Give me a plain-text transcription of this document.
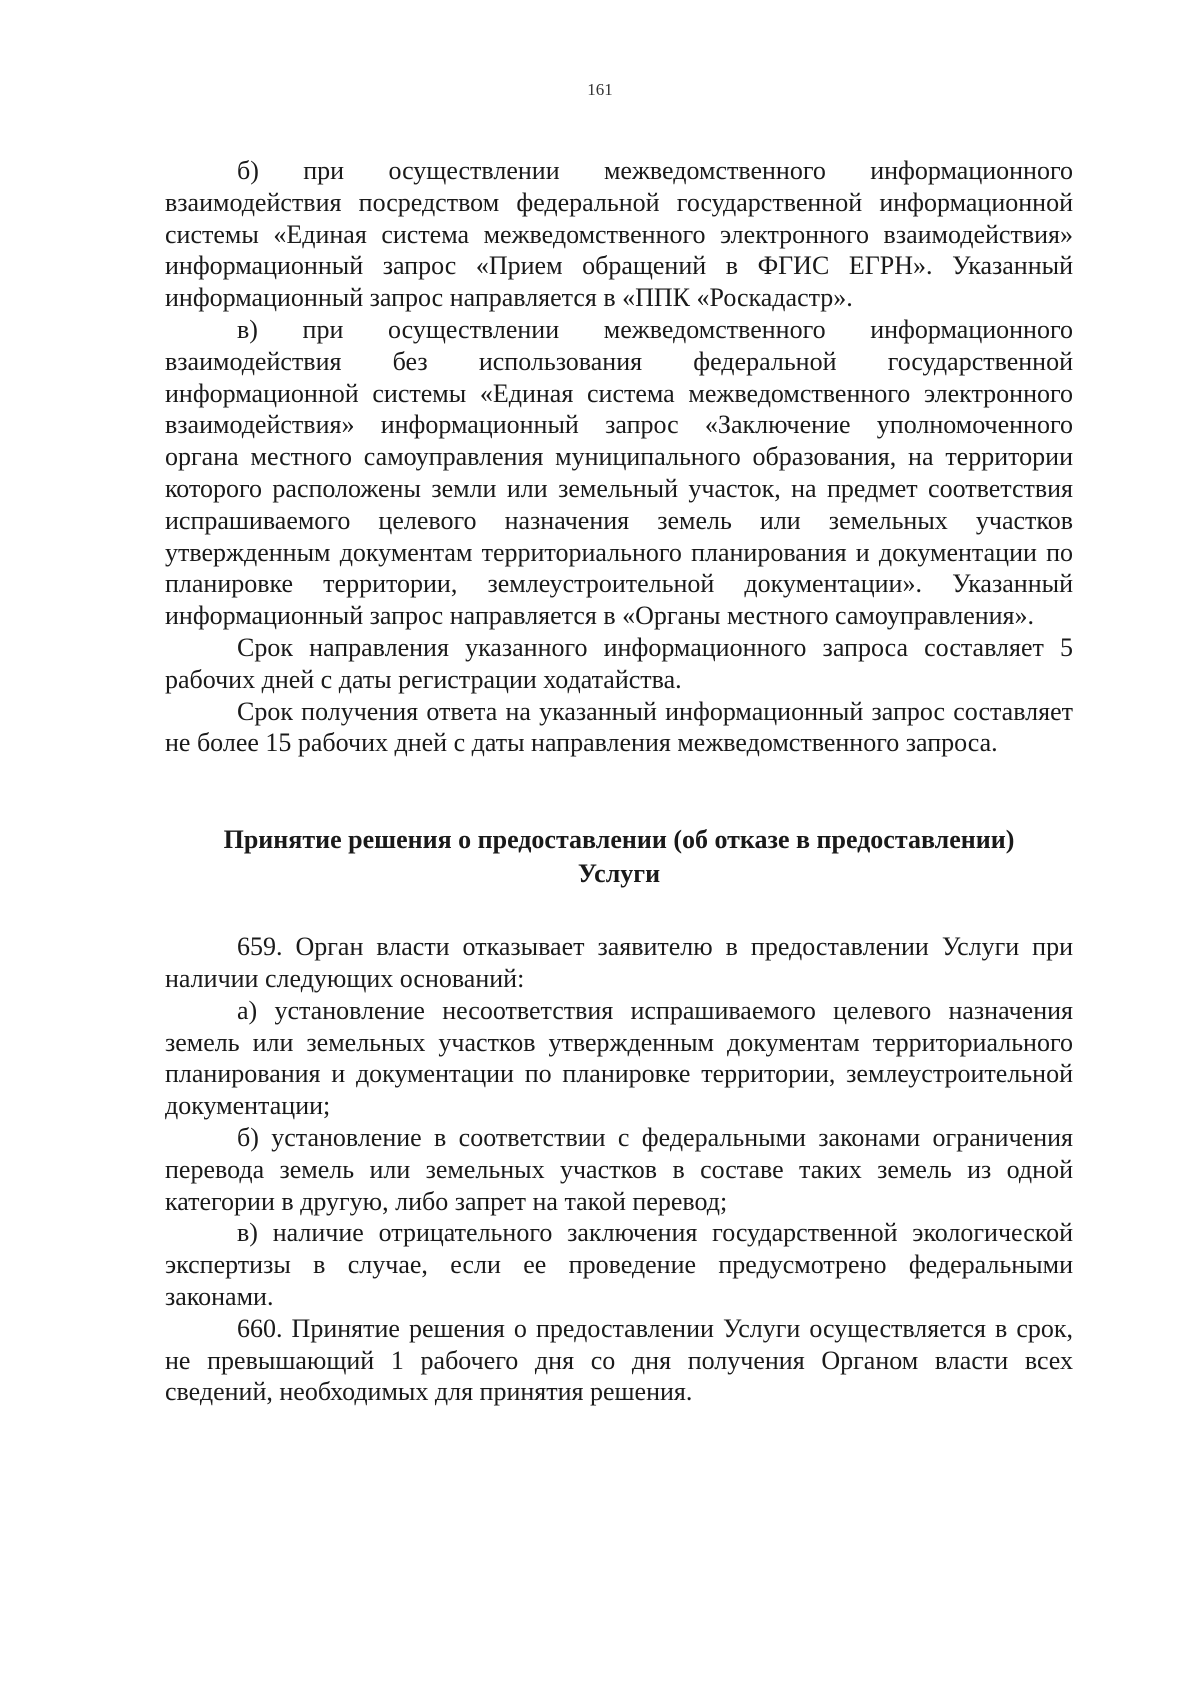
161

б) при осуществлении межведомственного информационного взаимодействия посредством федеральной государственной информационной системы «Единая система межведомственного электронного взаимодействия» информационный запрос «Прием обращений в ФГИС ЕГРН». Указанный информационный запрос направляется в «ППК «Роскадастр».

в) при осуществлении межведомственного информационного взаимодействия без использования федеральной государственной информационной системы «Единая система межведомственного электронного взаимодействия» информационный запрос «Заключение уполномоченного органа местного самоуправления муниципального образования, на территории которого расположены земли или земельный участок, на предмет соответствия испрашиваемого целевого назначения земель или земельных участков утвержденным документам территориального планирования и документации по планировке территории, землеустроительной документации». Указанный информационный запрос направляется в «Органы местного самоуправления».

Срок направления указанного информационного запроса составляет 5 рабочих дней с даты регистрации ходатайства.

Срок получения ответа на указанный информационный запрос составляет не более 15 рабочих дней с даты направления межведомственного запроса.

Принятие решения о предоставлении (об отказе в предоставлении)
Услуги

659. Орган власти отказывает заявителю в предоставлении Услуги при наличии следующих оснований:

а) установление несоответствия испрашиваемого целевого назначения земель или земельных участков утвержденным документам территориального планирования и документации по планировке территории, землеустроительной документации;

б) установление в соответствии с федеральными законами ограничения перевода земель или земельных участков в составе таких земель из одной категории в другую, либо запрет на такой перевод;

в) наличие отрицательного заключения государственной экологической экспертизы в случае, если ее проведение предусмотрено федеральными законами.

660. Принятие решения о предоставлении Услуги осуществляется в срок, не превышающий 1 рабочего дня со дня получения Органом власти всех сведений, необходимых для принятия решения.
